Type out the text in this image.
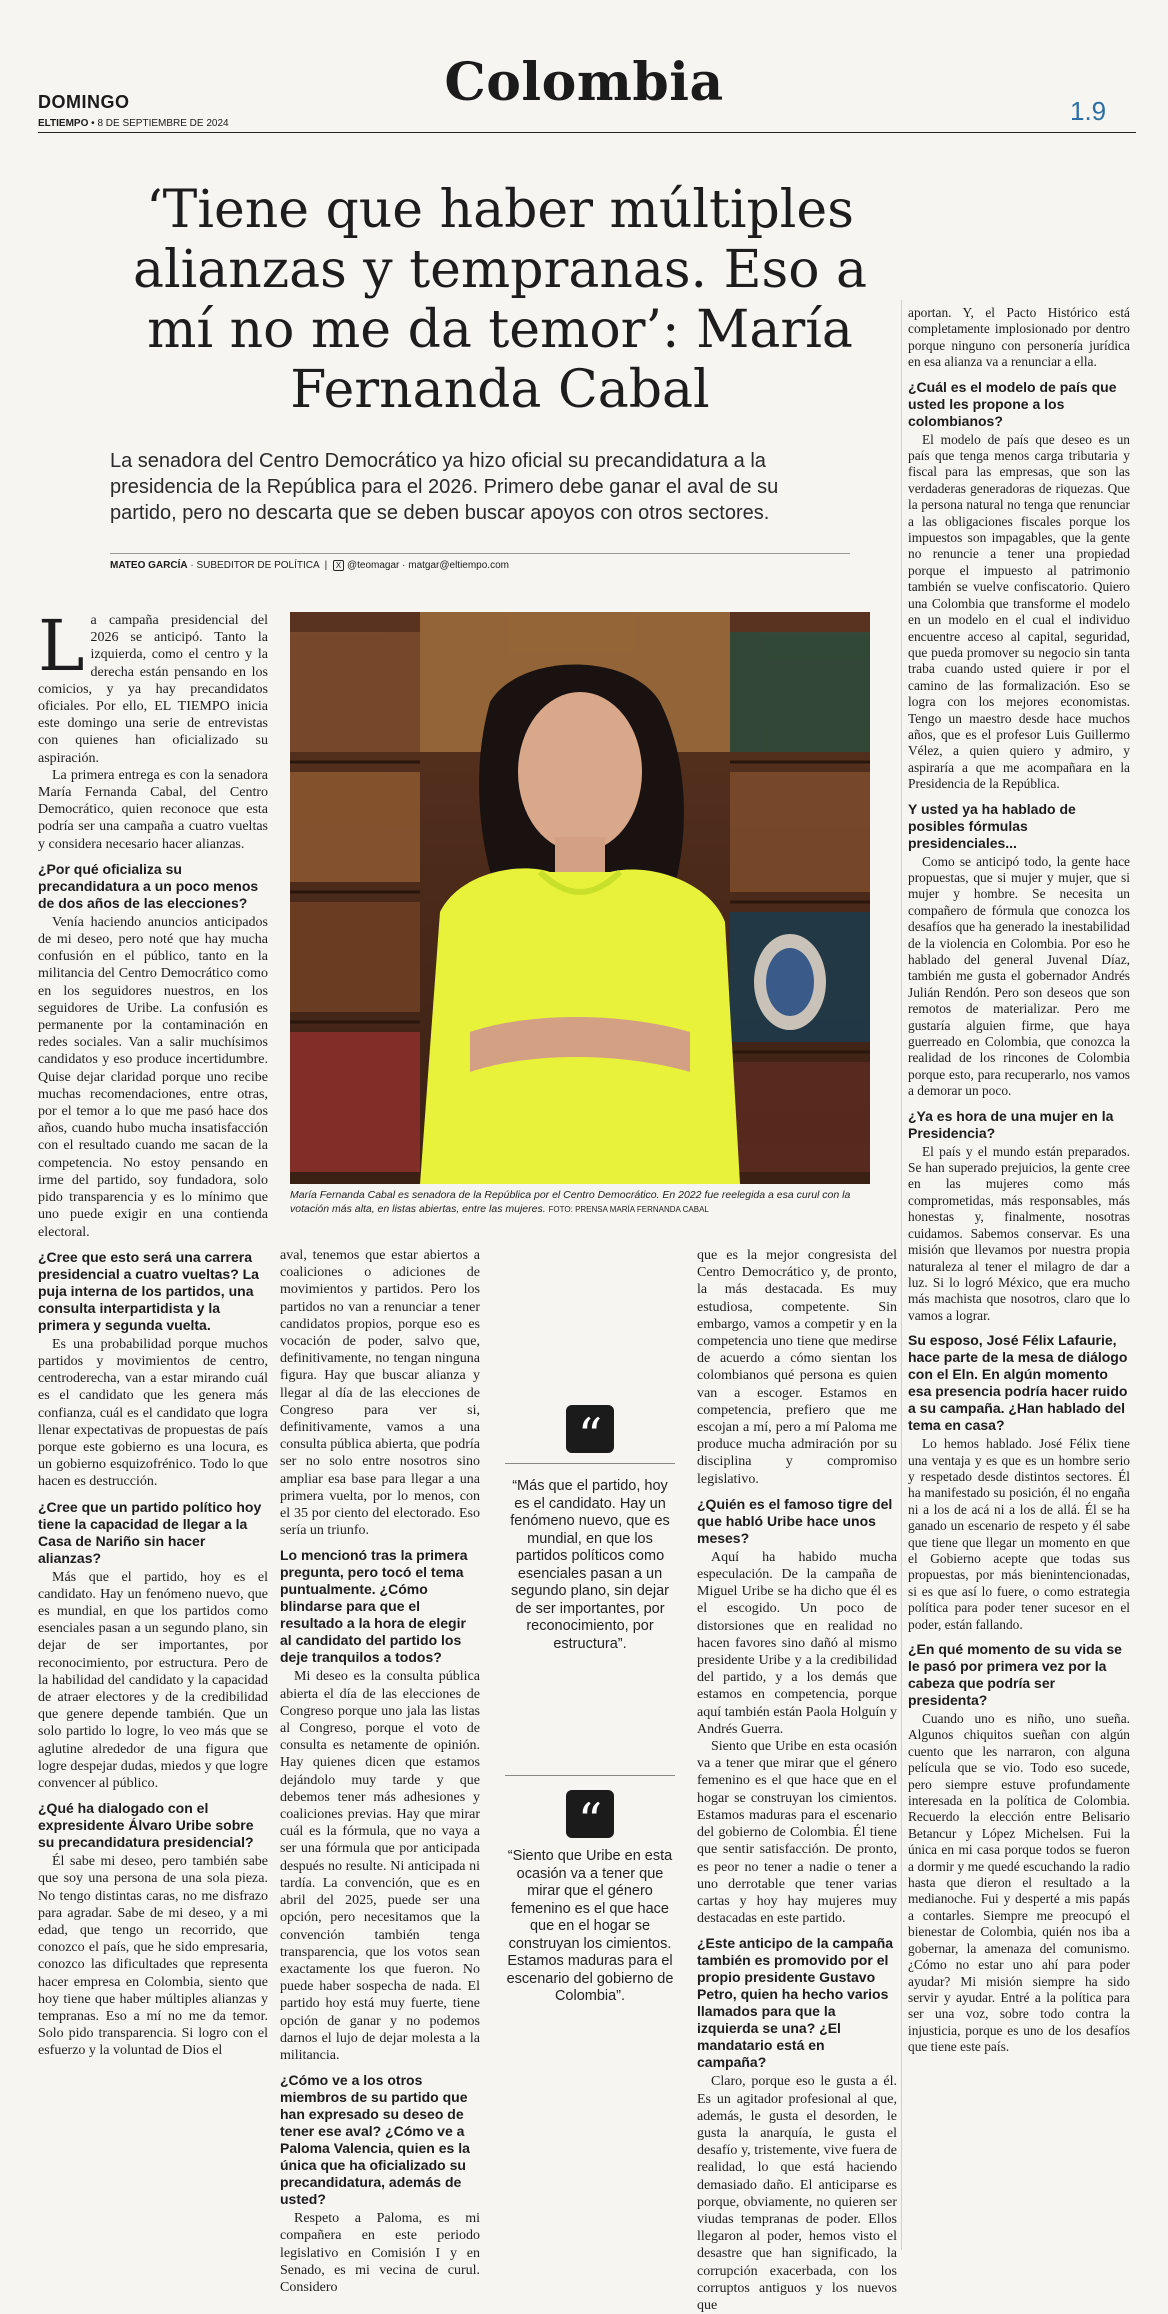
Colombia
DOMINGO
ELTIEMPO • 8 DE SEPTIEMBRE DE 2024	1.9
‘Tiene que haber múltiples alianzas y tempranas. Eso a mí no me da temor’: María Fernanda Cabal
La senadora del Centro Democrático ya hizo oficial su precandidatura a la presidencia de la República para el 2026. Primero debe ganar el aval de su partido, pero no descarta que se deben buscar apoyos con otros sectores.
MATEO GARCÍA · SUBEDITOR DE POLÍTICA  |  X @teomagar · matgar@eltiempo.com

La campaña presidencial del 2026 se anticipó. Tanto la izquierda, como el centro y la derecha están pensando en los comicios, y ya hay precandidatos oficiales. Por ello, EL TIEMPO inicia este domingo una serie de entrevistas con quienes han oficializado su aspiración.

La primera entrega es con la senadora María Fernanda Cabal, del Centro Democrático, quien reconoce que esta podría ser una campaña a cuatro vueltas y considera necesario hacer alianzas.

¿Por qué oficializa su precandidatura a un poco menos de dos años de las elecciones?

Venía haciendo anuncios anticipados de mi deseo, pero noté que hay mucha confusión en el público, tanto en la militancia del Centro Democrático como en los seguidores nuestros, en los seguidores de Uribe. La confusión es permanente por la contaminación en redes sociales. Van a salir muchísimos candidatos y eso produce incertidumbre. Quise dejar claridad porque uno recibe muchas recomendaciones, entre otras, por el temor a lo que me pasó hace dos años, cuando hubo mucha insatisfacción con el resultado cuando me sacan de la competencia. No estoy pensando en irme del partido, soy fundadora, solo pido transparencia y es lo mínimo que uno puede exigir en una contienda electoral.

¿Cree que esto será una carrera presidencial a cuatro vueltas? La puja interna de los partidos, una consulta interpartidista y la primera y segunda vuelta.

Es una probabilidad porque muchos partidos y movimientos de centro, centroderecha, van a estar mirando cuál es el candidato que les genera más confianza, cuál es el candidato que logra llenar expectativas de propuestas de país porque este gobierno es una locura, es un gobierno esquizofrénico. Todo lo que hacen es destrucción.

¿Cree que un partido político hoy tiene la capacidad de llegar a la Casa de Nariño sin hacer alianzas?

Más que el partido, hoy es el candidato. Hay un fenómeno nuevo, que es mundial, en que los partidos como esenciales pasan a un segundo plano, sin dejar de ser importantes, por reconocimiento, por estructura. Pero de la habilidad del candidato y la capacidad de atraer electores y de la credibilidad que genere depende también. Que un solo partido lo logre, lo veo más que se aglutine alrededor de una figura que logre despejar dudas, miedos y que logre convencer al público.

¿Qué ha dialogado con el expresidente Álvaro Uribe sobre su precandidatura presidencial?

Él sabe mi deseo, pero también sabe que soy una persona de una sola pieza. No tengo distintas caras, no me disfrazo para agradar. Sabe de mi deseo, y a mi edad, que tengo un recorrido, que conozco el país, que he sido empresaria, conozco las dificultades que representa hacer empresa en Colombia, siento que hoy tiene que haber múltiples alianzas y tempranas. Eso a mí no me da temor. Solo pido transparencia. Si logro con el esfuerzo y la voluntad de Dios el

María Fernanda Cabal es senadora de la República por el Centro Democrático. En 2022 fue reelegida a esa curul con la votación más alta, en listas abiertas, entre las mujeres. FOTO: PRENSA MARÍA FERNANDA CABAL

aval, tenemos que estar abiertos a coaliciones o adiciones de movimientos y partidos. Pero los partidos no van a renunciar a tener candidatos propios, porque eso es vocación de poder, salvo que, definitivamente, no tengan ninguna figura. Hay que buscar alianza y llegar al día de las elecciones de Congreso para ver si, definitivamente, vamos a una consulta pública abierta, que podría ser no solo entre nosotros sino ampliar esa base para llegar a una primera vuelta, por lo menos, con el 35 por ciento del electorado. Eso sería un triunfo.

Lo mencionó tras la primera pregunta, pero tocó el tema puntualmente. ¿Cómo blindarse para que el resultado a la hora de elegir al candidato del partido los deje tranquilos a todos?

Mi deseo es la consulta pública abierta el día de las elecciones de Congreso porque uno jala las listas al Congreso, porque el voto de consulta es netamente de opinión. Hay quienes dicen que estamos dejándolo muy tarde y que debemos tener más adhesiones y coaliciones previas. Hay que mirar cuál es la fórmula, que no vaya a ser una fórmula que por anticipada después no resulte. Ni anticipada ni tardía. La convención, que es en abril del 2025, puede ser una opción, pero necesitamos que la convención también tenga transparencia, que los votos sean exactamente los que fueron. No puede haber sospecha de nada. El partido hoy está muy fuerte, tiene opción de ganar y no podemos darnos el lujo de dejar molesta a la militancia.

¿Cómo ve a los otros miembros de su partido que han expresado su deseo de tener ese aval? ¿Cómo ve a Paloma Valencia, quien es la única que ha oficializado su precandidatura, además de usted?

Respeto a Paloma, es mi compañera en este periodo legislativo en Comisión I y en Senado, es mi vecina de curul. Considero

“
“Más que el partido, hoy es el candidato. Hay un fenómeno nuevo, que es mundial, en que los partidos políticos como esenciales pasan a un segundo plano, sin dejar de ser importantes, por reconocimiento, por estructura”.
“
“Siento que Uribe en esta ocasión va a tener que mirar que el género femenino es el que hace que en el hogar se construyan los cimientos. Estamos maduras para el escenario del gobierno de Colombia”.

que es la mejor congresista del Centro Democrático y, de pronto, la más destacada. Es muy estudiosa, competente. Sin embargo, vamos a competir y en la competencia uno tiene que medirse de acuerdo a cómo sientan los colombianos qué persona es quien van a escoger. Estamos en competencia, prefiero que me escojan a mí, pero a mí Paloma me produce mucha admiración por su disciplina y compromiso legislativo.

¿Quién es el famoso tigre del que habló Uribe hace unos meses?

Aquí ha habido mucha especulación. De la campaña de Miguel Uribe se ha dicho que él es el escogido. Un poco de distorsiones que en realidad no hacen favores sino dañó al mismo presidente Uribe y a la credibilidad del partido, y a los demás que estamos en competencia, porque aquí también están Paola Holguín y Andrés Guerra.

Siento que Uribe en esta ocasión va a tener que mirar que el género femenino es el que hace que en el hogar se construyan los cimientos. Estamos maduras para el escenario del gobierno de Colombia. Él tiene que sentir satisfacción. De pronto, es peor no tener a nadie o tener a uno derrotable que tener varias cartas y hoy hay mujeres muy destacadas en este partido.

¿Este anticipo de la campaña también es promovido por el propio presidente Gustavo Petro, quien ha hecho varios llamados para que la izquierda se una? ¿El mandatario está en campaña?

Claro, porque eso le gusta a él. Es un agitador profesional al que, además, le gusta el desorden, le gusta la anarquía, le gusta el desafío y, tristemente, vive fuera de realidad, lo que está haciendo demasiado daño. El anticiparse es porque, obviamente, no quieren ser viudas tempranas de poder. Ellos llegaron al poder, hemos visto el desastre que han significado, la corrupción exacerbada, con los corruptos antiguos y los nuevos que

aportan. Y, el Pacto Histórico está completamente implosionado por dentro porque ninguno con personería jurídica en esa alianza va a renunciar a ella.

¿Cuál es el modelo de país que usted les propone a los colombianos?

El modelo de país que deseo es un país que tenga menos carga tributaria y fiscal para las empresas, que son las verdaderas generadoras de riquezas. Que la persona natural no tenga que renunciar a las obligaciones fiscales porque los impuestos son impagables, que la gente no renuncie a tener una propiedad porque el impuesto al patrimonio también se vuelve confiscatorio. Quiero una Colombia que transforme el modelo en un modelo en el cual el individuo encuentre acceso al capital, seguridad, que pueda promover su negocio sin tanta traba cuando usted quiere ir por el camino de las formalización. Eso se logra con los mejores economistas. Tengo un maestro desde hace muchos años, que es el profesor Luis Guillermo Vélez, a quien quiero y admiro, y aspiraría a que me acompañara en la Presidencia de la República.

Y usted ya ha hablado de posibles fórmulas presidenciales...

Como se anticipó todo, la gente hace propuestas, que si mujer y mujer, que si mujer y hombre. Se necesita un compañero de fórmula que conozca los desafíos que ha generado la inestabilidad de la violencia en Colombia. Por eso he hablado del general Juvenal Díaz, también me gusta el gobernador Andrés Julián Rendón. Pero son deseos que son remotos de materializar. Pero me gustaría alguien firme, que haya guerreado en Colombia, que conozca la realidad de los rincones de Colombia porque esto, para recuperarlo, nos vamos a demorar un poco.

¿Ya es hora de una mujer en la Presidencia?

El país y el mundo están preparados. Se han superado prejuicios, la gente cree en las mujeres como más comprometidas, más responsables, más honestas y, finalmente, nosotras cuidamos. Sabemos conservar. Es una misión que llevamos por nuestra propia naturaleza al tener el milagro de dar a luz. Si lo logró México, que era mucho más machista que nosotros, claro que lo vamos a lograr.

Su esposo, José Félix Lafaurie, hace parte de la mesa de diálogo con el Eln. En algún momento esa presencia podría hacer ruido a su campaña. ¿Han hablado del tema en casa?

Lo hemos hablado. José Félix tiene una ventaja y es que es un hombre serio y respetado desde distintos sectores. Él ha manifestado su posición, él no engaña ni a los de acá ni a los de allá. Él se ha ganado un escenario de respeto y él sabe que tiene que llegar un momento en que el Gobierno acepte que todas sus propuestas, por más bienintencionadas, si es que así lo fuere, o como estrategia política para poder tener sucesor en el poder, están fallando.

¿En qué momento de su vida se le pasó por primera vez por la cabeza que podría ser presidenta?

Cuando uno es niño, uno sueña. Algunos chiquitos sueñan con algún cuento que les narraron, con alguna película que se vio. Todo eso sucede, pero siempre estuve profundamente interesada en la política de Colombia. Recuerdo la elección entre Belisario Betancur y López Michelsen. Fui la única en mi casa porque todos se fueron a dormir y me quedé escuchando la radio hasta que dieron el resultado a la medianoche. Fui y desperté a mis papás a contarles. Siempre me preocupó el bienestar de Colombia, quién nos iba a gobernar, la amenaza del comunismo. ¿Cómo no estar uno ahí para poder ayudar? Mi misión siempre ha sido servir y ayudar. Entré a la política para ser una voz, sobre todo contra la injusticia, porque es uno de los desafíos que tiene este país.
